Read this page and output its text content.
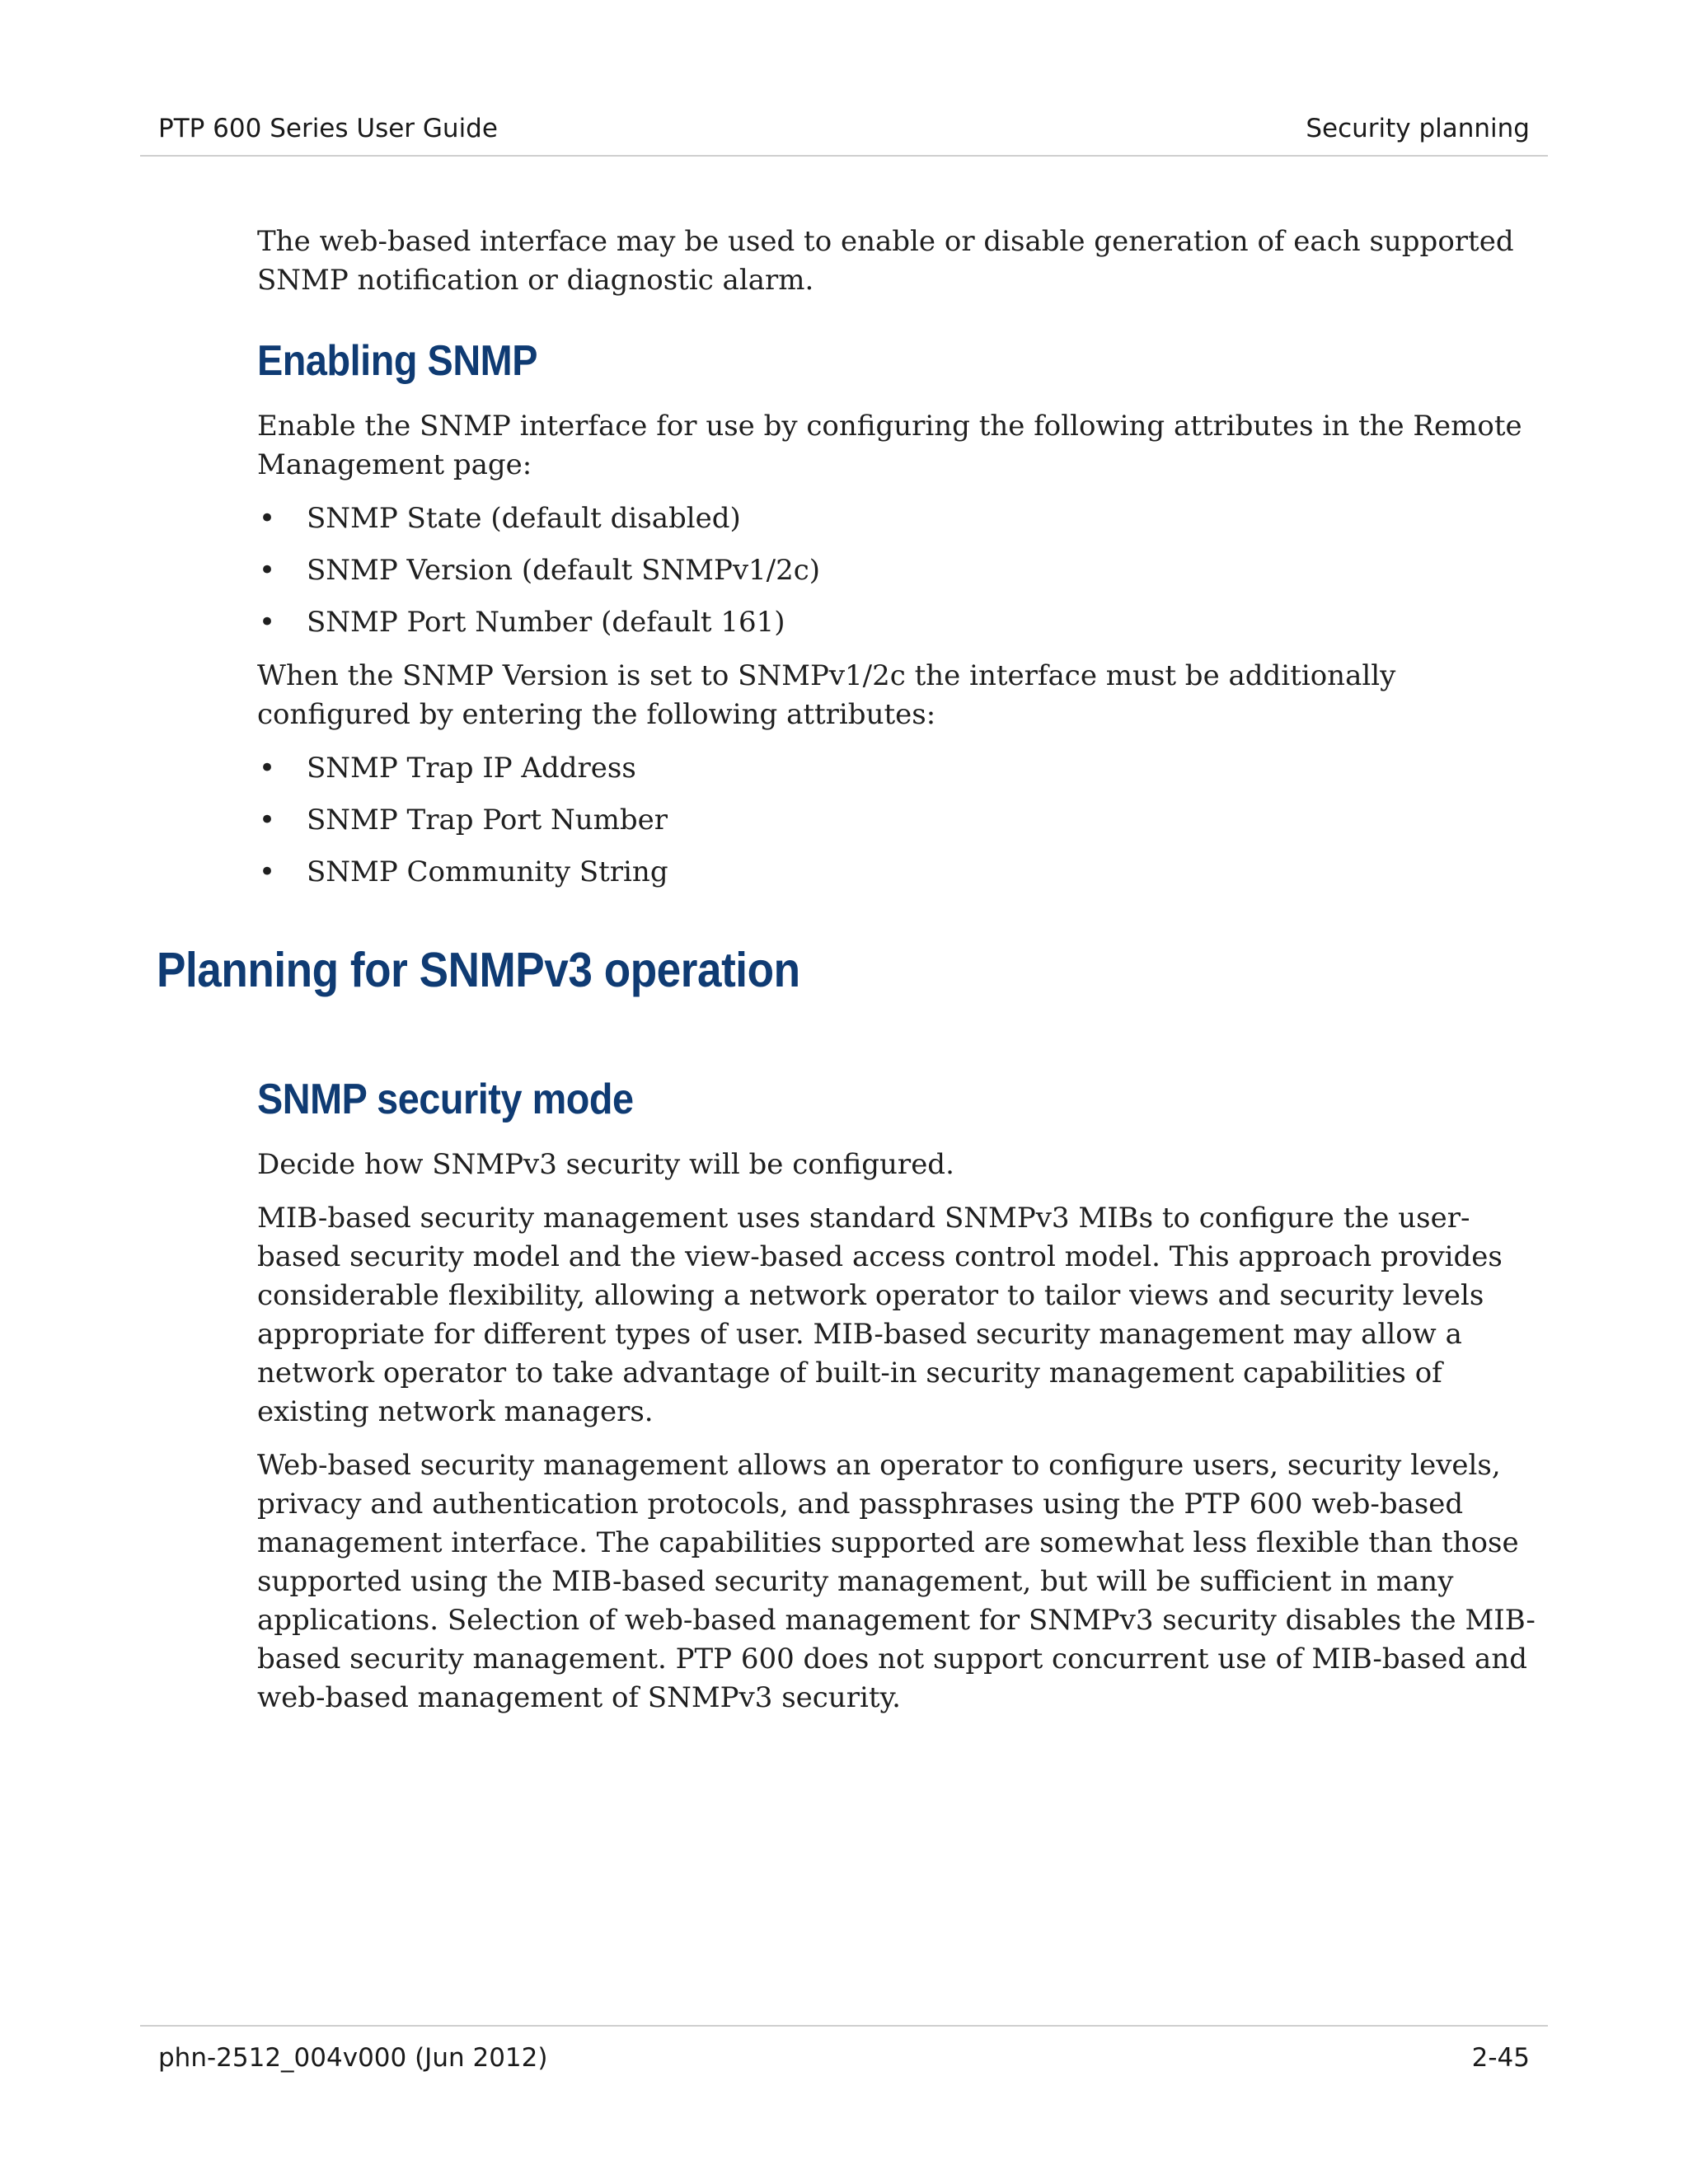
PTP 600 Series User Guide	Security planning

The web-based interface may be used to enable or disable generation of each supported SNMP notification or diagnostic alarm.

Enabling SNMP

Enable the SNMP interface for use by configuring the following attributes in the Remote Management page:

• SNMP State (default disabled)
• SNMP Version (default SNMPv1/2c)
• SNMP Port Number (default 161)

When the SNMP Version is set to SNMPv1/2c the interface must be additionally configured by entering the following attributes:

• SNMP Trap IP Address
• SNMP Trap Port Number
• SNMP Community String
Planning for SNMPv3 operation
SNMP security mode

Decide how SNMPv3 security will be configured.

MIB-based security management uses standard SNMPv3 MIBs to configure the user-based security model and the view-based access control model. This approach provides considerable flexibility, allowing a network operator to tailor views and security levels appropriate for different types of user. MIB-based security management may allow a network operator to take advantage of built-in security management capabilities of existing network managers.

Web-based security management allows an operator to configure users, security levels, privacy and authentication protocols, and passphrases using the PTP 600 web-based management interface. The capabilities supported are somewhat less flexible than those supported using the MIB-based security management, but will be sufficient in many applications. Selection of web-based management for SNMPv3 security disables the MIB-based security management. PTP 600 does not support concurrent use of MIB-based and web-based management of SNMPv3 security.

phn-2512_004v000 (Jun 2012)	2-45
